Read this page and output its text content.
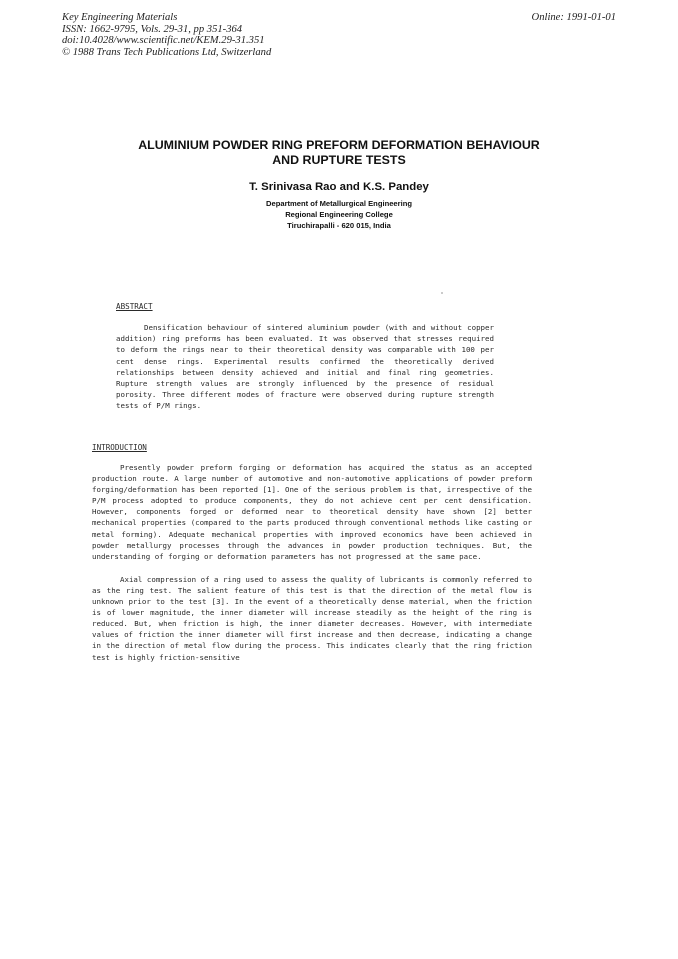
Key Engineering Materials
ISSN: 1662-9795, Vols. 29-31, pp 351-364
doi:10.4028/www.scientific.net/KEM.29-31.351
© 1988 Trans Tech Publications Ltd, Switzerland
Online: 1991-01-01
ALUMINIUM POWDER RING PREFORM DEFORMATION BEHAVIOUR
AND RUPTURE TESTS
T. Srinivasa Rao and K.S. Pandey
Department of Metallurgical Engineering
Regional Engineering College
Tiruchirapalli - 620 015, India
ABSTRACT

Densification behaviour of sintered aluminium powder (with and without copper addition) ring preforms has been evaluated. It was observed that stresses required to deform the rings near to their theoretical density was comparable with 100 per cent dense rings. Experimental results confirmed the theoretically derived relationships between density achieved and initial and final ring geometries. Rupture strength values are strongly influenced by the presence of residual porosity. Three different modes of fracture were observed during rupture strength tests of P/M rings.

INTRODUCTION

Presently powder preform forging or deformation has acquired the status as an accepted production route. A large number of automotive and non-automotive applications of powder preform forging/deformation has been reported [1]. One of the serious problem is that, irrespective of the P/M process adopted to produce components, they do not achieve cent per cent densification. However, components forged or deformed near to theoretical density have shown [2] better mechanical properties (compared to the parts produced through conventional methods like casting or metal forming). Adequate mechanical properties with improved economics have been achieved in powder metallurgy processes through the advances in powder production techniques. But, the understanding of forging or deformation parameters has not progressed at the same pace.

Axial compression of a ring used to assess the quality of lubricants is commonly referred to as the ring test. The salient feature of this test is that the direction of the metal flow is unknown prior to the test [3]. In the event of a theoretically dense material, when the friction is of lower magnitude, the inner diameter will increase steadily as the height of the ring is reduced. But, when friction is high, the inner diameter decreases. However, with intermediate values of friction the inner diameter will first increase and then decrease, indicating a change in the direction of metal flow during the process. This indicates clearly that the ring friction test is highly friction-sensitive
